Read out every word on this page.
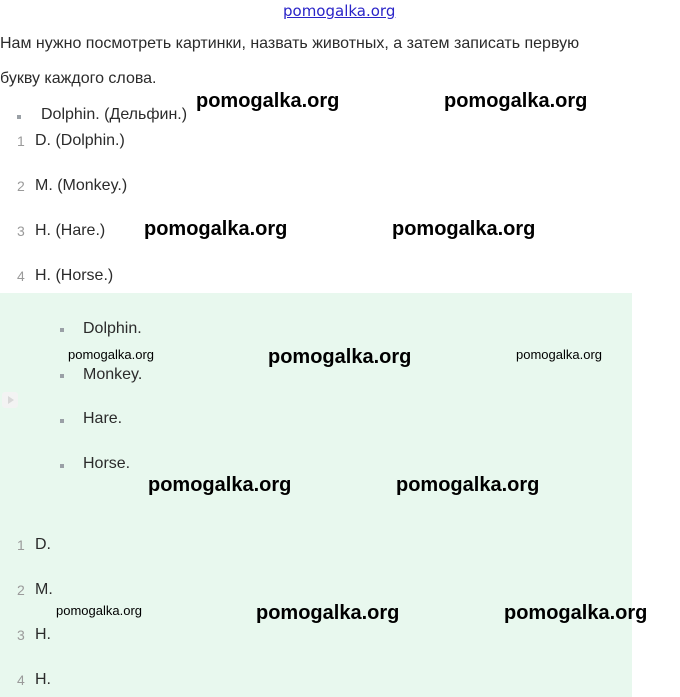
pomogalka.org
Нам нужно посмотреть картинки, назвать животных, а затем записать первую
букву каждого слова.
Dolphin. (Дельфин.)
1 D. (Dolphin.)
2 M. (Monkey.)
3 H. (Hare.)
4 H. (Horse.)
Dolphin.
Monkey.
Hare.
Horse.
1 D.
2 M.
3 H.
4 H.
pomogalka.org	pomogalka.org
pomogalka.org	pomogalka.org
pomogalka.org	pomogalka.org	pomogalka.org
pomogalka.org	pomogalka.org
pomogalka.org	pomogalka.org	pomogalka.org
